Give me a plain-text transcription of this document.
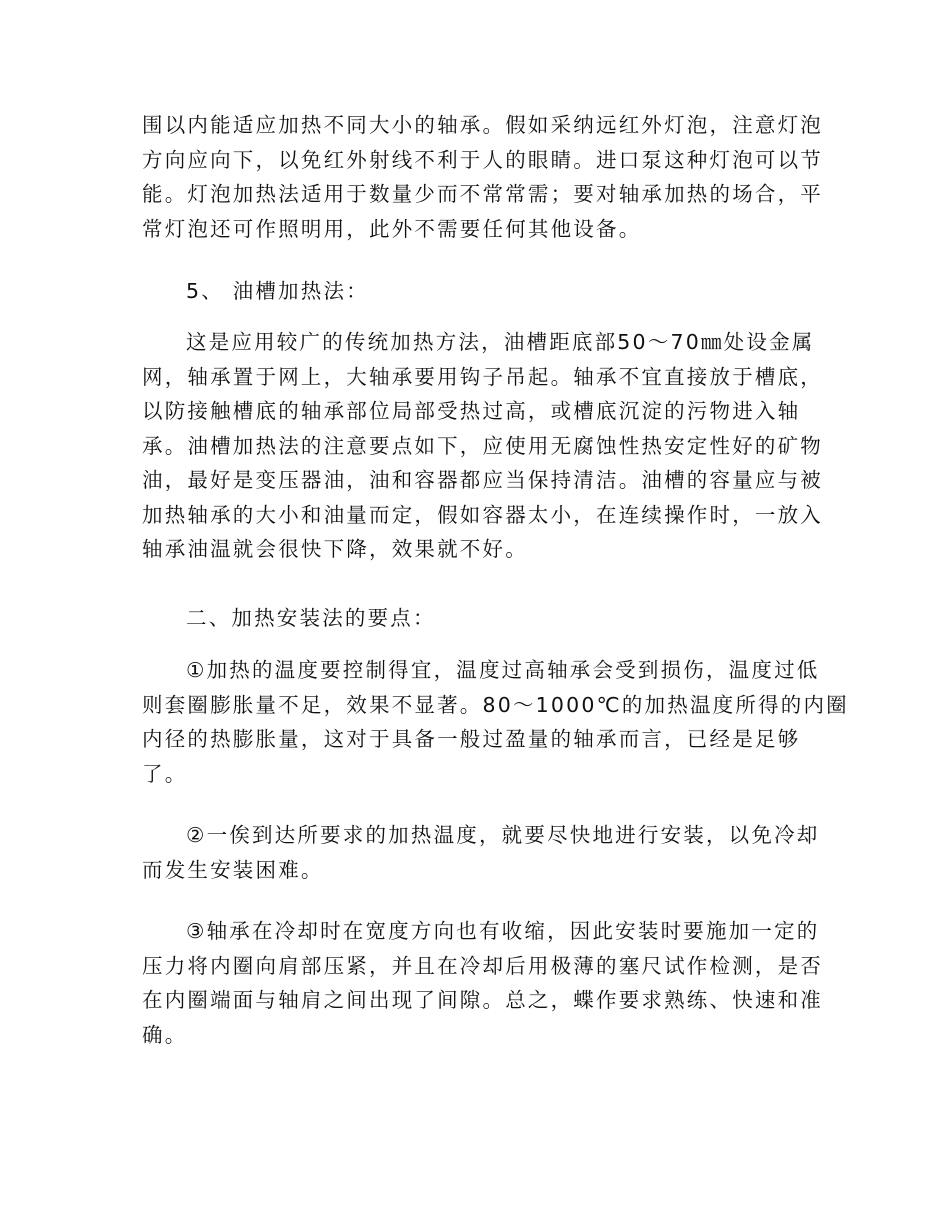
围以内能适应加热不同大小的轴承。假如采纳远红外灯泡，注意灯泡
方向应向下，以免红外射线不利于人的眼睛。进口泵这种灯泡可以节
能。灯泡加热法适用于数量少而不常常需；要对轴承加热的场合，平
常灯泡还可作照明用，此外不需要任何其他设备。
5、 油槽加热法：
这是应用较广的传统加热方法，油槽距底部50～70㎜处设金属
网，轴承置于网上，大轴承要用钩子吊起。轴承不宜直接放于槽底，
以防接触槽底的轴承部位局部受热过高，或槽底沉淀的污物进入轴
承。油槽加热法的注意要点如下，应使用无腐蚀性热安定性好的矿物
油，最好是变压器油，油和容器都应当保持清洁。油槽的容量应与被
加热轴承的大小和油量而定，假如容器太小，在连续操作时，一放入
轴承油温就会很快下降，效果就不好。
二、加热安装法的要点：
①加热的温度要控制得宜，温度过高轴承会受到损伤，温度过低
则套圈膨胀量不足，效果不显著。80～1000℃的加热温度所得的内圈
内径的热膨胀量，这对于具备一般过盈量的轴承而言，已经是足够
了。
②一俟到达所要求的加热温度，就要尽快地进行安装，以免冷却
而发生安装困难。
③轴承在冷却时在宽度方向也有收缩，因此安装时要施加一定的
压力将内圈向肩部压紧，并且在冷却后用极薄的塞尺试作检测，是否
在内圈端面与轴肩之间出现了间隙。总之，蝶作要求熟练、快速和准
确。
